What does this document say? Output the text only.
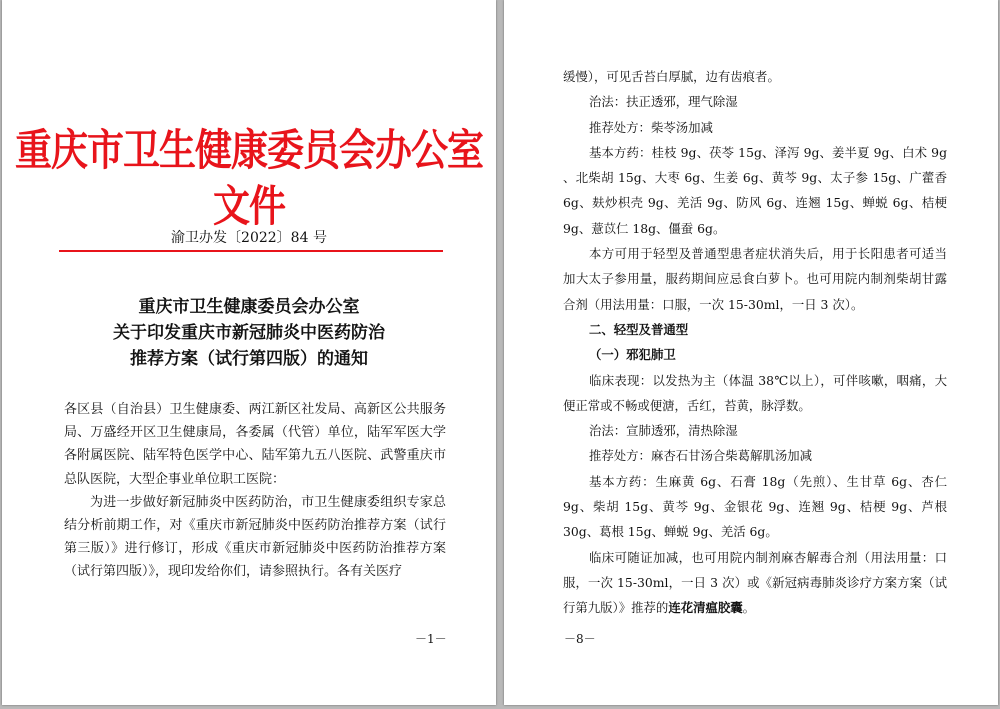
重庆市卫生健康委员会办公室文件
渝卫办发〔2022〕84 号
重庆市卫生健康委员会办公室
关于印发重庆市新冠肺炎中医药防治
推荐方案（试行第四版）的通知

各区县（自治县）卫生健康委、两江新区社发局、高新区公共服务局、万盛经开区卫生健康局，各委属（代管）单位，陆军军医大学各附属医院、陆军特色医学中心、陆军第九五八医院、武警重庆市总队医院，大型企事业单位职工医院：

为进一步做好新冠肺炎中医药防治，市卫生健康委组织专家总结分析前期工作，对《重庆市新冠肺炎中医药防治推荐方案（试行第三版）》进行修订，形成《重庆市新冠肺炎中医药防治推荐方案（试行第四版）》，现印发给你们，请参照执行。各有关医疗

－1－

缓慢），可见舌苔白厚腻，边有齿痕者。

治法：扶正透邪，理气除湿

推荐处方：柴苓汤加减

基本方药：桂枝 9g、茯苓 15g、泽泻 9g、姜半夏 9g、白术 9g 、北柴胡 15g、大枣 6g、生姜 6g、黄芩 9g、太子参 15g、广藿香 6g、麸炒枳壳 9g、羌活 9g、防风 6g、连翘 15g、蝉蜕 6g、桔梗 9g、薏苡仁 18g、僵蚕 6g。

本方可用于轻型及普通型患者症状消失后，用于长阳患者可适当加大太子参用量，服药期间应忌食白萝卜。也可用院内制剂柴胡甘露合剂（用法用量：口服，一次 15-30ml，一日 3 次）。

二、轻型及普通型

（一）邪犯肺卫

临床表现：以发热为主（体温 38℃以上），可伴咳嗽，咽痛，大便正常或不畅或便溏，舌红，苔黄，脉浮数。

治法：宣肺透邪，清热除湿

推荐处方：麻杏石甘汤合柴葛解肌汤加减

基本方药：生麻黄 6g、石膏 18g（先煎）、生甘草 6g、杏仁 9g、柴胡 15g、黄芩 9g、金银花 9g、连翘 9g、桔梗 9g、芦根 30g、葛根 15g、蝉蜕 9g、羌活 6g。

临床可随证加减，也可用院内制剂麻杏解毒合剂（用法用量：口服，一次 15-30ml，一日 3 次）或《新冠病毒肺炎诊疗方案方案（试行第九版）》推荐的连花清瘟胶囊。

－8－
